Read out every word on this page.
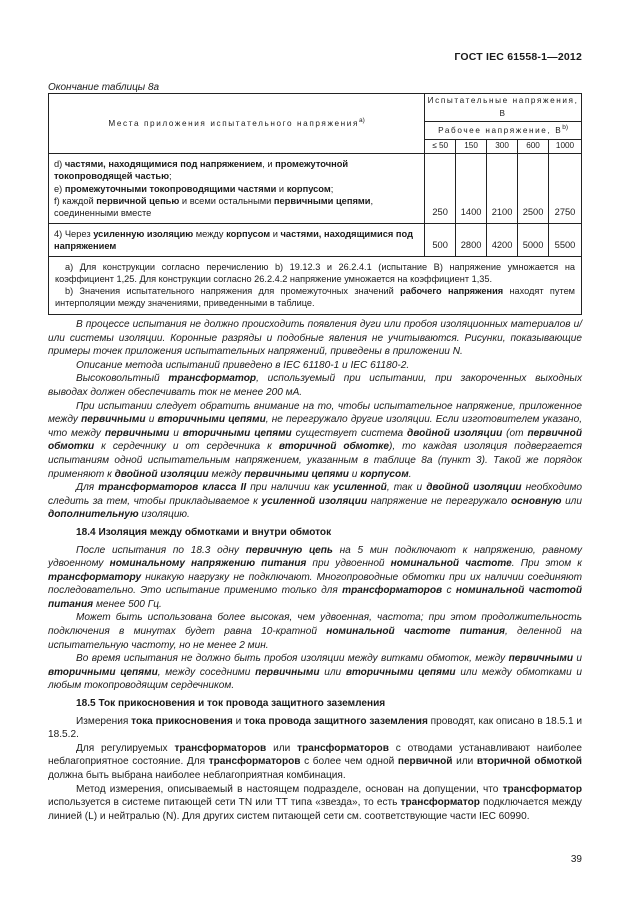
ГОСТ IEC 61558-1—2012
Окончание таблицы 8а
Места приложения испытательного напряжения$^{a)}$	Испытательные напряжения, В				
	Рабочее напряжение, $В^{b)}$
	≤ 50	150	300	600	1000
d) частями, находящимися под напряжением, и промежуточной токопроводящей частью;
e) промежуточными токопроводящими частями и корпусом;
f) каждой первичной цепью и всеми остальными первичными цепями, соединенными вместе	250	1400	2100	2500	2750
4) Через усиленную изоляцию между корпусом и частями, находящимися под напряжением	500	2800	4200	5000	5500

a) Для конструкции согласно перечислению b) 19.12.3 и 26.2.4.1 (испытание В) напряжение умножается на коэффициент 1,25. Для конструкции согласно 26.2.4.2 напряжение умножается на коэффициент 1,35.

b) Значения испытательного напряжения для промежуточных значений рабочего напряжения находят путем интерполяции между значениями, приведенными в таблице.					

В процессе испытания не должно происходить появления дуги или пробоя изоляционных материалов и/или системы изоляции. Коронные разряды и подобные явления не учитываются. Рисунки, показывающие примеры точек приложения испытательных напряжений, приведены в приложении N.

Описание метода испытаний приведено в IEC 61180-1 и IEC 61180-2.

Высоковольтный трансформатор, используемый при испытании, при закороченных выходных выводах должен обеспечивать ток не менее 200 мА.

При испытании следует обратить внимание на то, чтобы испытательное напряжение, приложенное между первичными и вторичными цепями, не перегружало другие изоляции. Если изготовителем указано, что между первичными и вторичными цепями существует система двойной изоляции (от первичной обмотки к сердечнику и от сердечника к вторичной обмотке), то каждая изоляция подвергается испытаниям одной испытательным напряжением, указанным в таблице 8а (пункт 3). Такой же порядок применяют к двойной изоляции между первичными цепями и корпусом.

Для трансформаторов класса II при наличии как усиленной, так и двойной изоляции необходимо следить за тем, чтобы прикладываемое к усиленной изоляции напряжение не перегружало основную или дополнительную изоляцию.

18.4 Изоляция между обмотками и внутри обмоток

После испытания по 18.3 одну первичную цепь на 5 мин подключают к напряжению, равному удвоенному номинальному напряжению питания при удвоенной номинальной частоте. При этом к трансформатору никакую нагрузку не подключают. Многопроводные обмотки при их наличии соединяют последовательно. Это испытание применимо только для трансформаторов с номинальной частотой питания менее 500 Гц.

Может быть использована более высокая, чем удвоенная, частота; при этом продолжительность подключения в минутах будет равна 10-кратной номинальной частоте питания, деленной на испытательную частоту, но не менее 2 мин.

Во время испытания не должно быть пробоя изоляции между витками обмоток, между первичными и вторичными цепями, между соседними первичными или вторичными цепями или между обмотками и любым токопроводящим сердечником.

18.5 Ток прикосновения и ток провода защитного заземления

Измерения тока прикосновения и тока провода защитного заземления проводят, как описано в 18.5.1 и 18.5.2.

Для регулируемых трансформаторов или трансформаторов с отводами устанавливают наиболее неблагоприятное состояние. Для трансформаторов с более чем одной первичной или вторичной обмоткой должна быть выбрана наиболее неблагоприятная комбинация.

Метод измерения, описываемый в настоящем подразделе, основан на допущении, что трансформатор используется в системе питающей сети TN или TT типа «звезда», то есть трансформатор подключается между линией (L) и нейтралью (N). Для других систем питающей сети см. соответствующие части IEC 60990.

39
